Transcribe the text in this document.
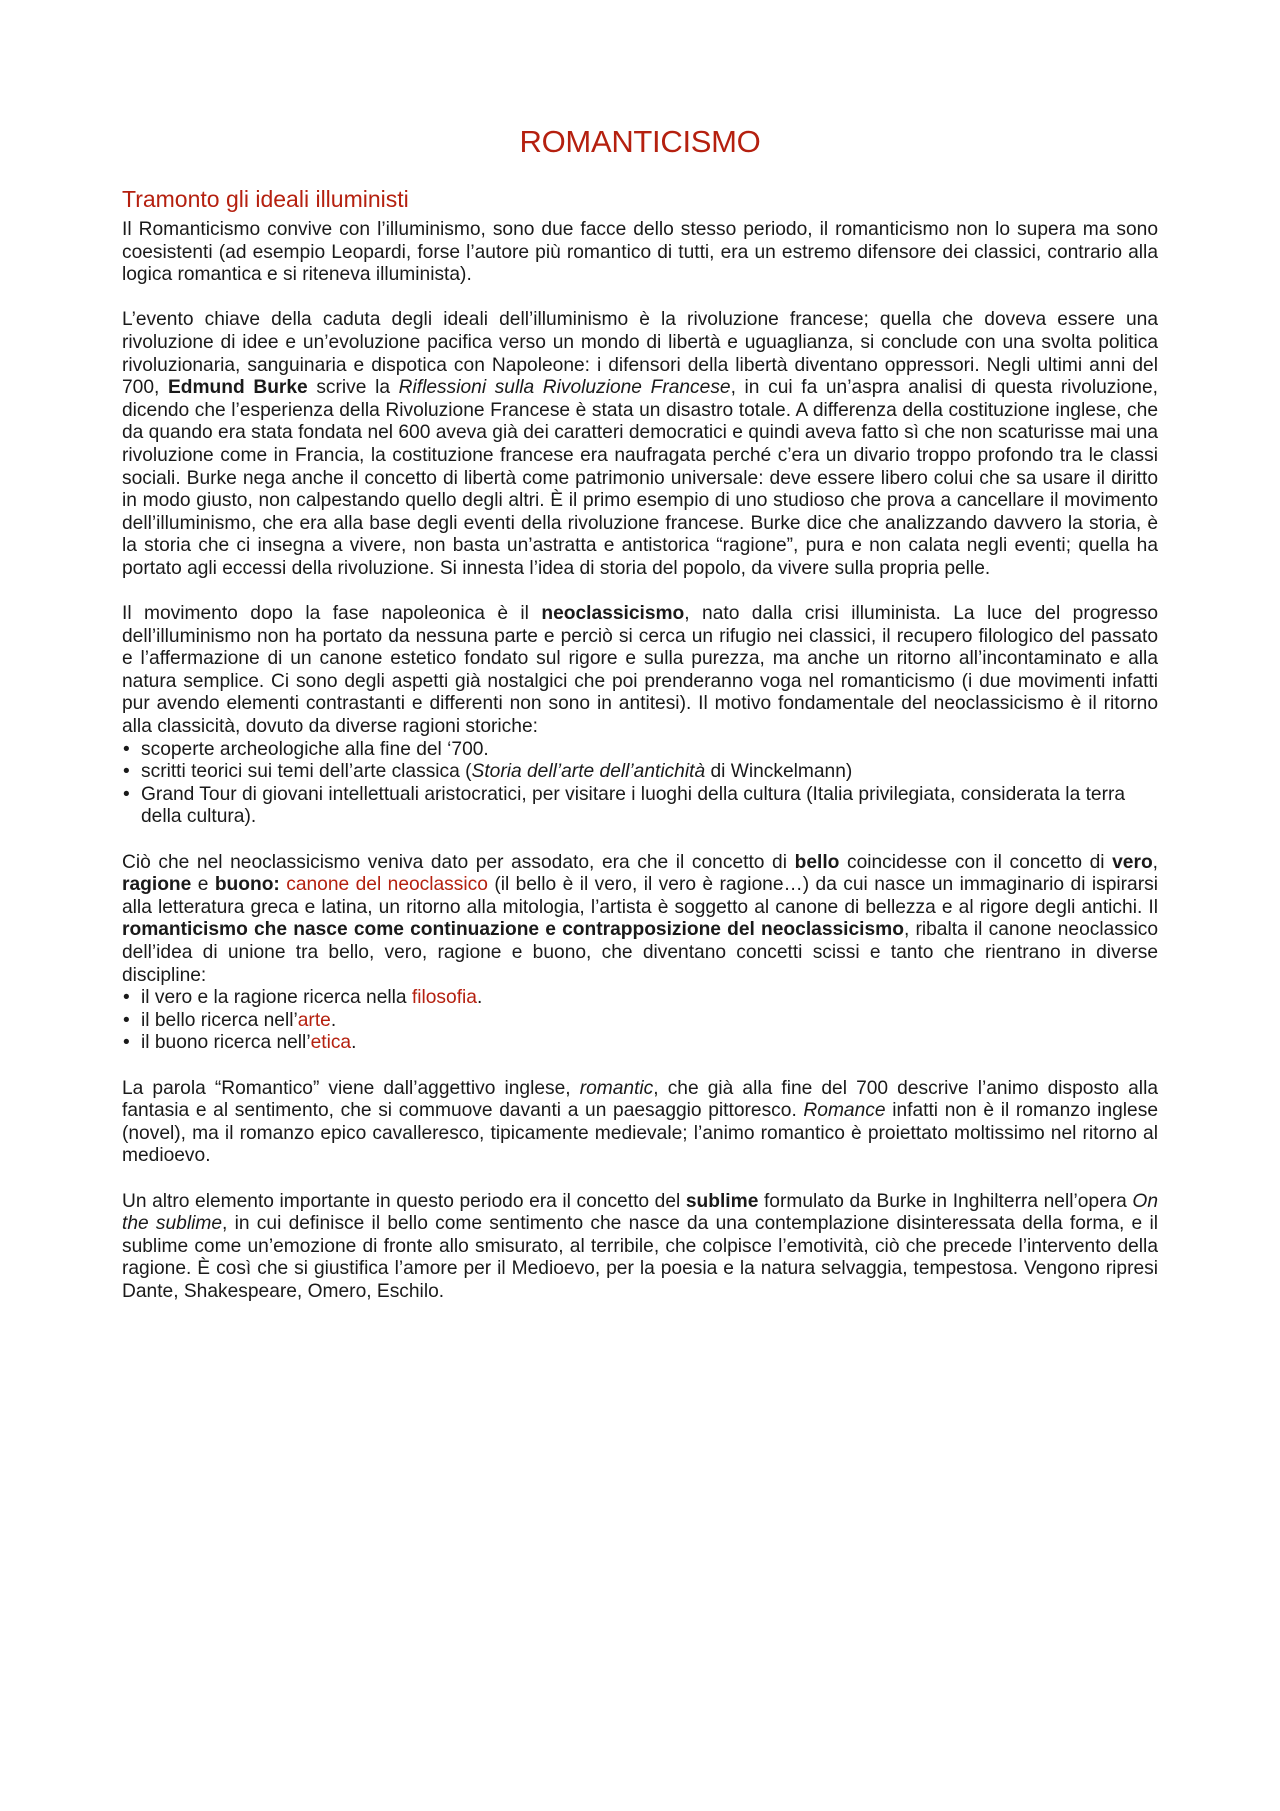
ROMANTICISMO
Tramonto gli ideali illuministi

Il Romanticismo convive con l’illuminismo, sono due facce dello stesso periodo, il romanticismo non lo supera ma sono coesistenti (ad esempio Leopardi, forse l’autore più romantico di tutti, era un estremo difensore dei classici, contrario alla logica romantica e si riteneva illuminista).

L’evento chiave della caduta degli ideali dell’illuminismo è la rivoluzione francese; quella che doveva essere una rivoluzione di idee e un’evoluzione pacifica verso un mondo di libertà e uguaglianza, si conclude con una svolta politica rivoluzionaria, sanguinaria e dispotica con Napoleone: i difensori della libertà diventano oppressori. Negli ultimi anni del 700, Edmund Burke scrive la Riflessioni sulla Rivoluzione Francese, in cui fa un’aspra analisi di questa rivoluzione, dicendo che l’esperienza della Rivoluzione Francese è stata un disastro totale. A differenza della costituzione inglese, che da quando era stata fondata nel 600 aveva già dei caratteri democratici e quindi aveva fatto sì che non scaturisse mai una rivoluzione come in Francia, la costituzione francese era naufragata perché c’era un divario troppo profondo tra le classi sociali. Burke nega anche il concetto di libertà come patrimonio universale: deve essere libero colui che sa usare il diritto in modo giusto, non calpestando quello degli altri. È il primo esempio di uno studioso che prova a cancellare il movimento dell’illuminismo, che era alla base degli eventi della rivoluzione francese. Burke dice che analizzando davvero la storia, è la storia che ci insegna a vivere, non basta un’astratta e antistorica “ragione”, pura e non calata negli eventi; quella ha portato agli eccessi della rivoluzione. Si innesta l’idea di storia del popolo, da vivere sulla propria pelle.

Il movimento dopo la fase napoleonica è il neoclassicismo, nato dalla crisi illuminista. La luce del progresso dell’illuminismo non ha portato da nessuna parte e perciò si cerca un rifugio nei classici, il recupero filologico del passato e l’affermazione di un canone estetico fondato sul rigore e sulla purezza, ma anche un ritorno all’incontaminato e alla natura semplice. Ci sono degli aspetti già nostalgici che poi prenderanno voga nel romanticismo (i due movimenti infatti pur avendo elementi contrastanti e differenti non sono in antitesi). Il motivo fondamentale del neoclassicismo è il ritorno alla classicità, dovuto da diverse ragioni storiche:

• scoperte archeologiche alla fine del ‘700.
• scritti teorici sui temi dell’arte classica (Storia dell’arte dell’antichità di Winckelmann)
• Grand Tour di giovani intellettuali aristocratici, per visitare i luoghi della cultura (Italia privilegiata, considerata la terra della cultura).

Ciò che nel neoclassicismo veniva dato per assodato, era che il concetto di bello coincidesse con il concetto di vero, ragione e buono: canone del neoclassico (il bello è il vero, il vero è ragione…) da cui nasce un immaginario di ispirarsi alla letteratura greca e latina, un ritorno alla mitologia, l’artista è soggetto al canone di bellezza e al rigore degli antichi. Il romanticismo che nasce come continuazione e contrapposizione del neoclassicismo, ribalta il canone neoclassico dell’idea di unione tra bello, vero, ragione e buono, che diventano concetti scissi e tanto che rientrano in diverse discipline:

• il vero e la ragione ricerca nella filosofia.
• il bello ricerca nell’arte.
• il buono ricerca nell’etica.

La parola “Romantico” viene dall’aggettivo inglese, romantic, che già alla fine del 700 descrive l’animo disposto alla fantasia e al sentimento, che si commuove davanti a un paesaggio pittoresco. Romance infatti non è il romanzo inglese (novel), ma il romanzo epico cavalleresco, tipicamente medievale; l’animo romantico è proiettato moltissimo nel ritorno al medioevo.

Un altro elemento importante in questo periodo era il concetto del sublime formulato da Burke in Inghilterra nell’opera On the sublime, in cui definisce il bello come sentimento che nasce da una contemplazione disinteressata della forma, e il sublime come un’emozione di fronte allo smisurato, al terribile, che colpisce l’emotività, ciò che precede l’intervento della ragione. È così che si giustifica l’amore per il Medioevo, per la poesia e la natura selvaggia, tempestosa. Vengono ripresi Dante, Shakespeare, Omero, Eschilo.
